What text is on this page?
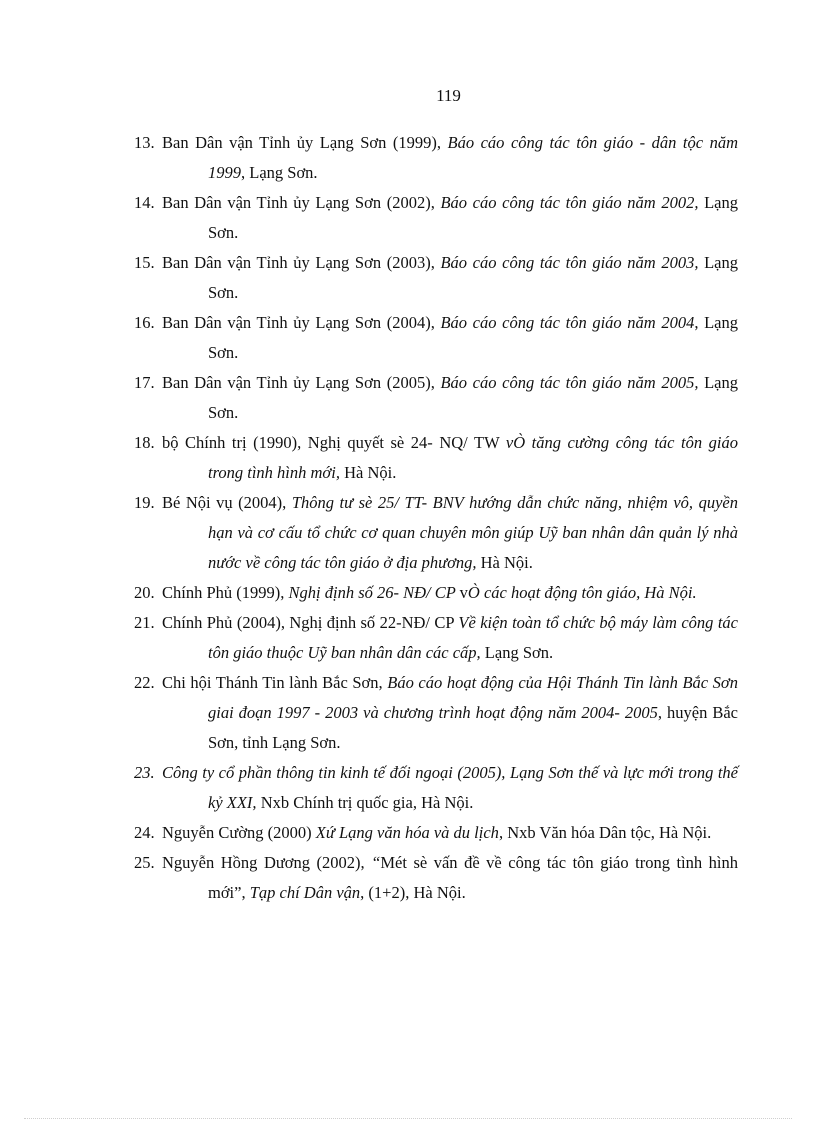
119

13. Ban Dân vận Tỉnh ủy Lạng Sơn (1999), Báo cáo công tác tôn giáo - dân tộc năm 1999, Lạng Sơn.

14. Ban Dân vận Tỉnh ủy Lạng Sơn (2002), Báo cáo công tác tôn giáo năm 2002, Lạng Sơn.

15. Ban Dân vận Tỉnh ủy Lạng Sơn (2003), Báo cáo công tác tôn giáo năm 2003, Lạng Sơn.

16. Ban Dân vận Tỉnh ủy Lạng Sơn (2004), Báo cáo công tác tôn giáo năm 2004, Lạng Sơn.

17. Ban Dân vận Tỉnh ủy Lạng Sơn (2005), Báo cáo công tác tôn giáo năm 2005, Lạng Sơn.

18. bộ Chính trị (1990), Nghị quyết sè 24- NQ/ TW vÒ tăng cường công tác tôn giáo trong tình hình mới, Hà Nội.

19. Bé Nội vụ (2004), Thông tư sè 25/ TT- BNV hướng dẫn chức năng, nhiệm vô, quyền hạn và cơ cấu tổ chức cơ quan chuyên môn giúp Uỹ ban nhân dân quản lý nhà nước về công tác tôn giáo ở địa phương, Hà Nội.

20. Chính Phủ (1999), Nghị định số 26- NĐ/ CP vÒ các hoạt động tôn giáo, Hà Nội.

21. Chính Phủ (2004), Nghị định số 22-NĐ/ CP Về kiện toàn tổ chức bộ máy làm công tác tôn giáo thuộc Uỹ ban nhân dân các cấp, Lạng Sơn.

22. Chi hội Thánh Tin lành Bắc Sơn, Báo cáo hoạt động của Hội Thánh Tin lành Bắc Sơn giai đoạn 1997 - 2003 và chương trình hoạt động năm 2004- 2005, huyện Bắc Sơn, tỉnh Lạng Sơn.

23. Công ty cổ phần thông tin kinh tế đối ngoại (2005), Lạng Sơn thế và lực mới trong thế kỷ XXI, Nxb Chính trị quốc gia, Hà Nội.

24. Nguyễn Cường (2000) Xứ Lạng văn hóa và du lịch, Nxb Văn hóa Dân tộc, Hà Nội.

25. Nguyễn Hồng Dương (2002), “Mét sè vấn đề về công tác tôn giáo trong tình hình mới”, Tạp chí Dân vận, (1+2), Hà Nội.
